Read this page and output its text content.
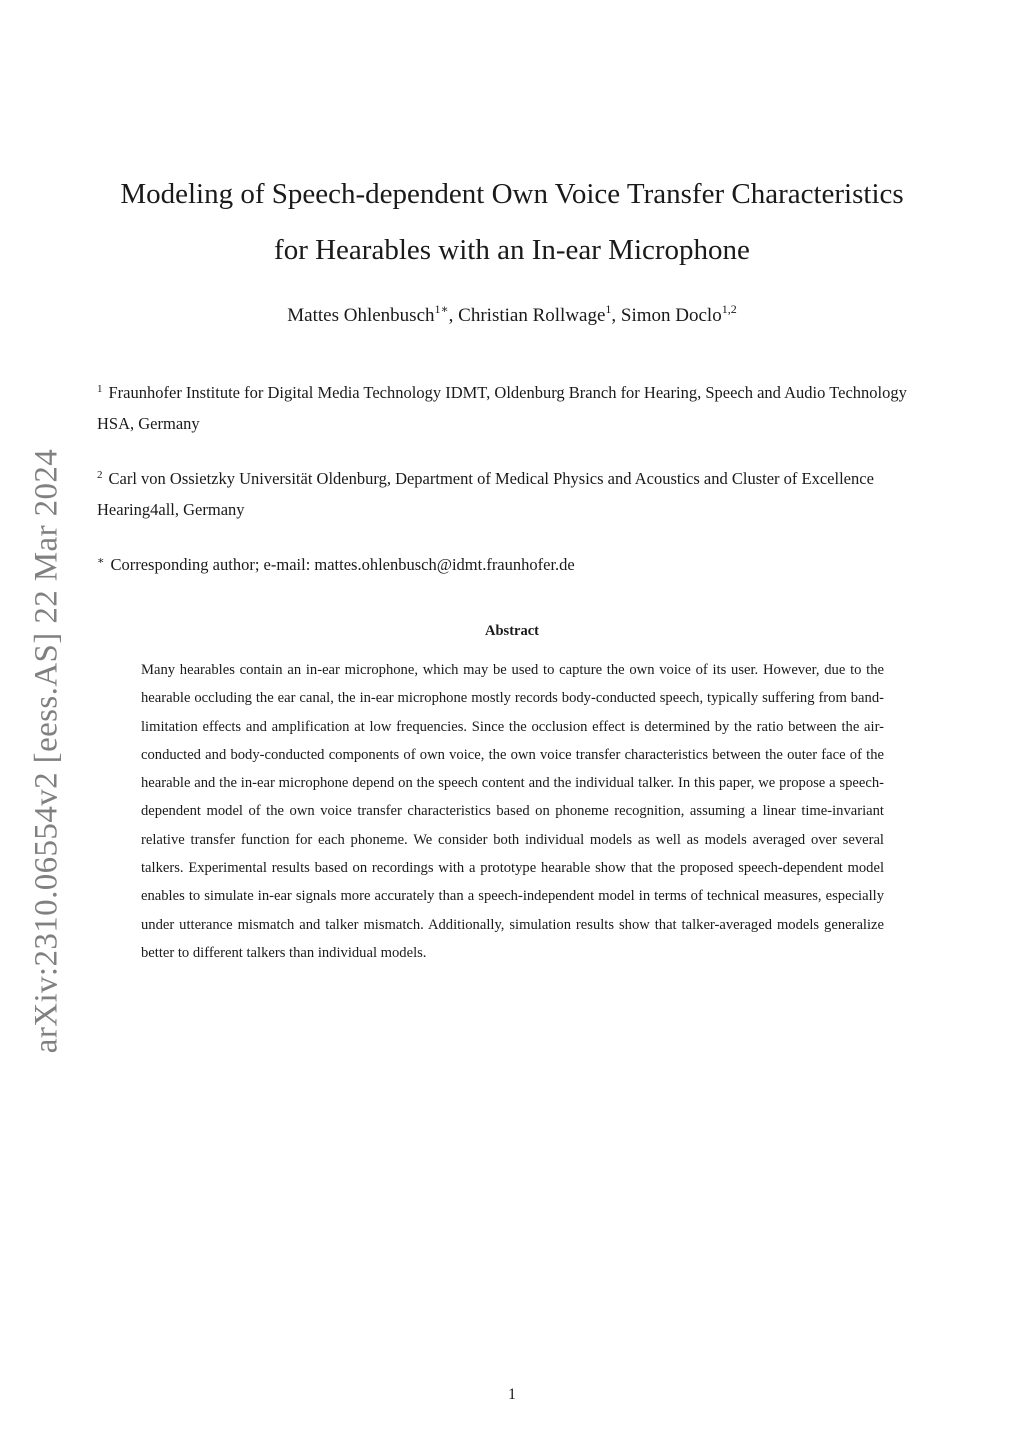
arXiv:2310.06554v2 [eess.AS] 22 Mar 2024
Modeling of Speech-dependent Own Voice Transfer Characteristics
for Hearables with an In-ear Microphone
Mattes Ohlenbusch$^{1∗}$, Christian Rollwage$^1$, Simon Doclo$^{1,2}$
$^1$ Fraunhofer Institute for Digital Media Technology IDMT, Oldenburg Branch for Hearing, Speech and Audio Technology HSA, Germany
$^2$ Carl von Ossietzky Universität Oldenburg, Department of Medical Physics and Acoustics and Cluster of Excellence Hearing4all, Germany
∗ Corresponding author; e-mail: mattes.ohlenbusch@idmt.fraunhofer.de
Abstract
Many hearables contain an in-ear microphone, which may be used to capture the own voice of its user. However, due to the hearable occluding the ear canal, the in-ear microphone mostly records body-conducted speech, typically suffering from band-limitation effects and amplification at low frequencies. Since the occlusion effect is determined by the ratio between the air-conducted and body-conducted components of own voice, the own voice transfer characteristics between the outer face of the hearable and the in-ear microphone depend on the speech content and the individual talker. In this paper, we propose a speech-dependent model of the own voice transfer characteristics based on phoneme recognition, assuming a linear time-invariant relative transfer function for each phoneme. We consider both individual models as well as models averaged over several talkers. Experimental results based on recordings with a prototype hearable show that the proposed speech-dependent model enables to simulate in-ear signals more accurately than a speech-independent model in terms of technical measures, especially under utterance mismatch and talker mismatch. Additionally, simulation results show that talker-averaged models generalize better to different talkers than individual models.
1
